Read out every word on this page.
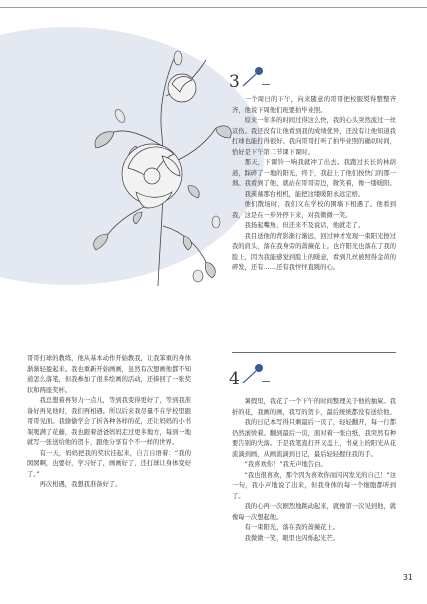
3

一个周日的下午，向来随意的哥哥把校服熨得整整齐齐，他说下周他们班要拍毕业照。

原来一年多的时间过得这么快，我的心头突然流过一丝哀伤。我还没有让他看到我的成绩优异，还没有让他知道我打球也能打得很好。我向哥哥打听了拍毕业照的确切时间，恰好是下午第二节课下课时。

那天，下课铃一响我就冲了出去。我跑过长长的林荫道，踩碎了一地的阳光，终于，我赶上了他们按快门的那一刹。我看到了他，就站在哥哥旁边，微笑着，像一缕暖阳。

我羡慕那台相机，能把这缕暖阳永远定格。

他们散场时，我们又在学校的围墙下相遇了。他看到我，这是在一步外停下来，对我微微一笑。

我扬起嘴角，但还来不及说话，他就走了。

我目送他的背影渐行渐远，回过神才发现一束阳光擦过我的肩头，落在我身旁的蔷薇花上。也许阳光也落在了我的脸上，因为我能感觉到脸上的暖意，看到几丝被照得金黄的碎发，还有……还有我怦怦直跳的心。

4

暑假里，我花了一个下午的时间整理关于他的抽屉。我折的花，我画的画，我写的贺卡，最后统统都没有送给他。

我的日记本写得只剩最后一页了，轻轻翻开，每一行都仍然滚烫着。翻到最后一页，面对着一张白纸，我突然有种要告别的失落。于是我笔直打开又盖上，书桌上的阳光从花流滴到画，从画流滴到日记，最后轻轻握住我的手。

“我喜欢你！”我无声地告白。

“我也很喜欢，那个因为喜欢你而闪闪发光的自己！”这一句，我小声地说了出来，但我身体的每一个细胞都听到了。

我的心再一次剧烈地跳动起来，就像第一次见到他，就像每一次想起他。

有一束阳光，落在我的蔷薇花上。

我微微一笑，眼里也闪烁起光芒。

哥哥打球的教练，他从基本动作开始教我，让我笨重的身体渐渐轻盈起来。我也重新开始画画，虽然有次想画他都不知道怎么落笔，但我参加了很多绘画的活动，还捧回了一张奖状和两座奖杯。

我总想着再努力一点儿，等到我变得更好了，等到我准备好再见他时，我们再相遇。所以后来我尽量不在学校里跟哥哥见面。我偷偷学会了折各种各样的花，还让妈妈的小书架爬满了花藤，我也跟着爸爸妈妈走过更多地方，每到一地就写一张送给他的贺卡，跟他分享有个不一样的世界。

有一天，妈妈把我的奖状挂起来，自言自语着：“我的囡囡啊，也要好，学习好了，画画好了，还打球让身体变好了。”

再次相遇，我想我准备好了。

31
